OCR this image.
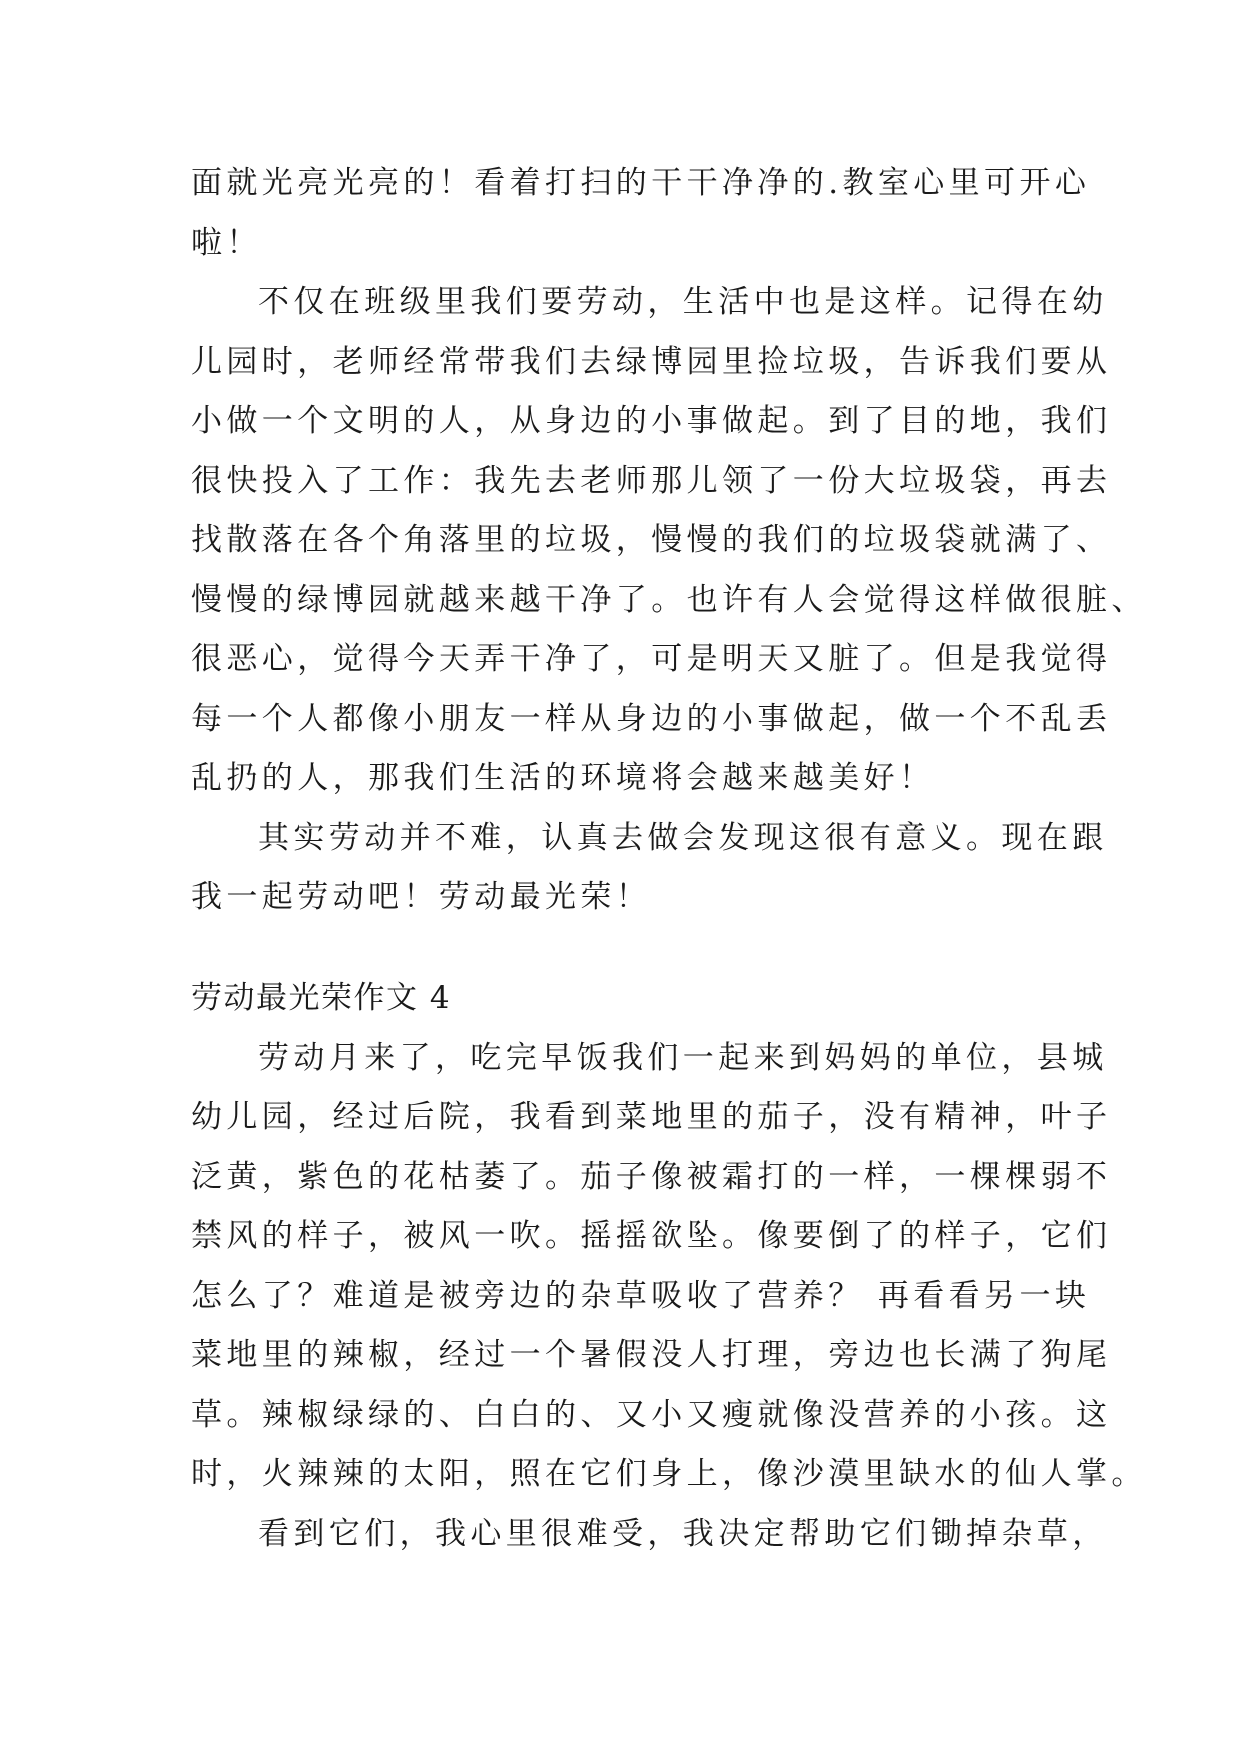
面就光亮光亮的！看着打扫的干干净净的.教室心里可开心
啦！
不仅在班级里我们要劳动，生活中也是这样。记得在幼
儿园时，老师经常带我们去绿博园里捡垃圾，告诉我们要从
小做一个文明的人，从身边的小事做起。到了目的地，我们
很快投入了工作：我先去老师那儿领了一份大垃圾袋，再去
找散落在各个角落里的垃圾，慢慢的我们的垃圾袋就满了、
慢慢的绿博园就越来越干净了。也许有人会觉得这样做很脏、
很恶心，觉得今天弄干净了，可是明天又脏了。但是我觉得
每一个人都像小朋友一样从身边的小事做起，做一个不乱丢
乱扔的人，那我们生活的环境将会越来越美好！
其实劳动并不难，认真去做会发现这很有意义。现在跟
我一起劳动吧！劳动最光荣！
劳动最光荣作文 4
劳动月来了，吃完早饭我们一起来到妈妈的单位，县城
幼儿园，经过后院，我看到菜地里的茄子，没有精神，叶子
泛黄，紫色的花枯萎了。茄子像被霜打的一样，一棵棵弱不
禁风的样子，被风一吹。摇摇欲坠。像要倒了的样子，它们
怎么了？难道是被旁边的杂草吸收了营养？ 再看看另一块
菜地里的辣椒，经过一个暑假没人打理，旁边也长满了狗尾
草。辣椒绿绿的、白白的、又小又瘦就像没营养的小孩。这
时，火辣辣的太阳，照在它们身上，像沙漠里缺水的仙人掌。
看到它们，我心里很难受，我决定帮助它们锄掉杂草，
